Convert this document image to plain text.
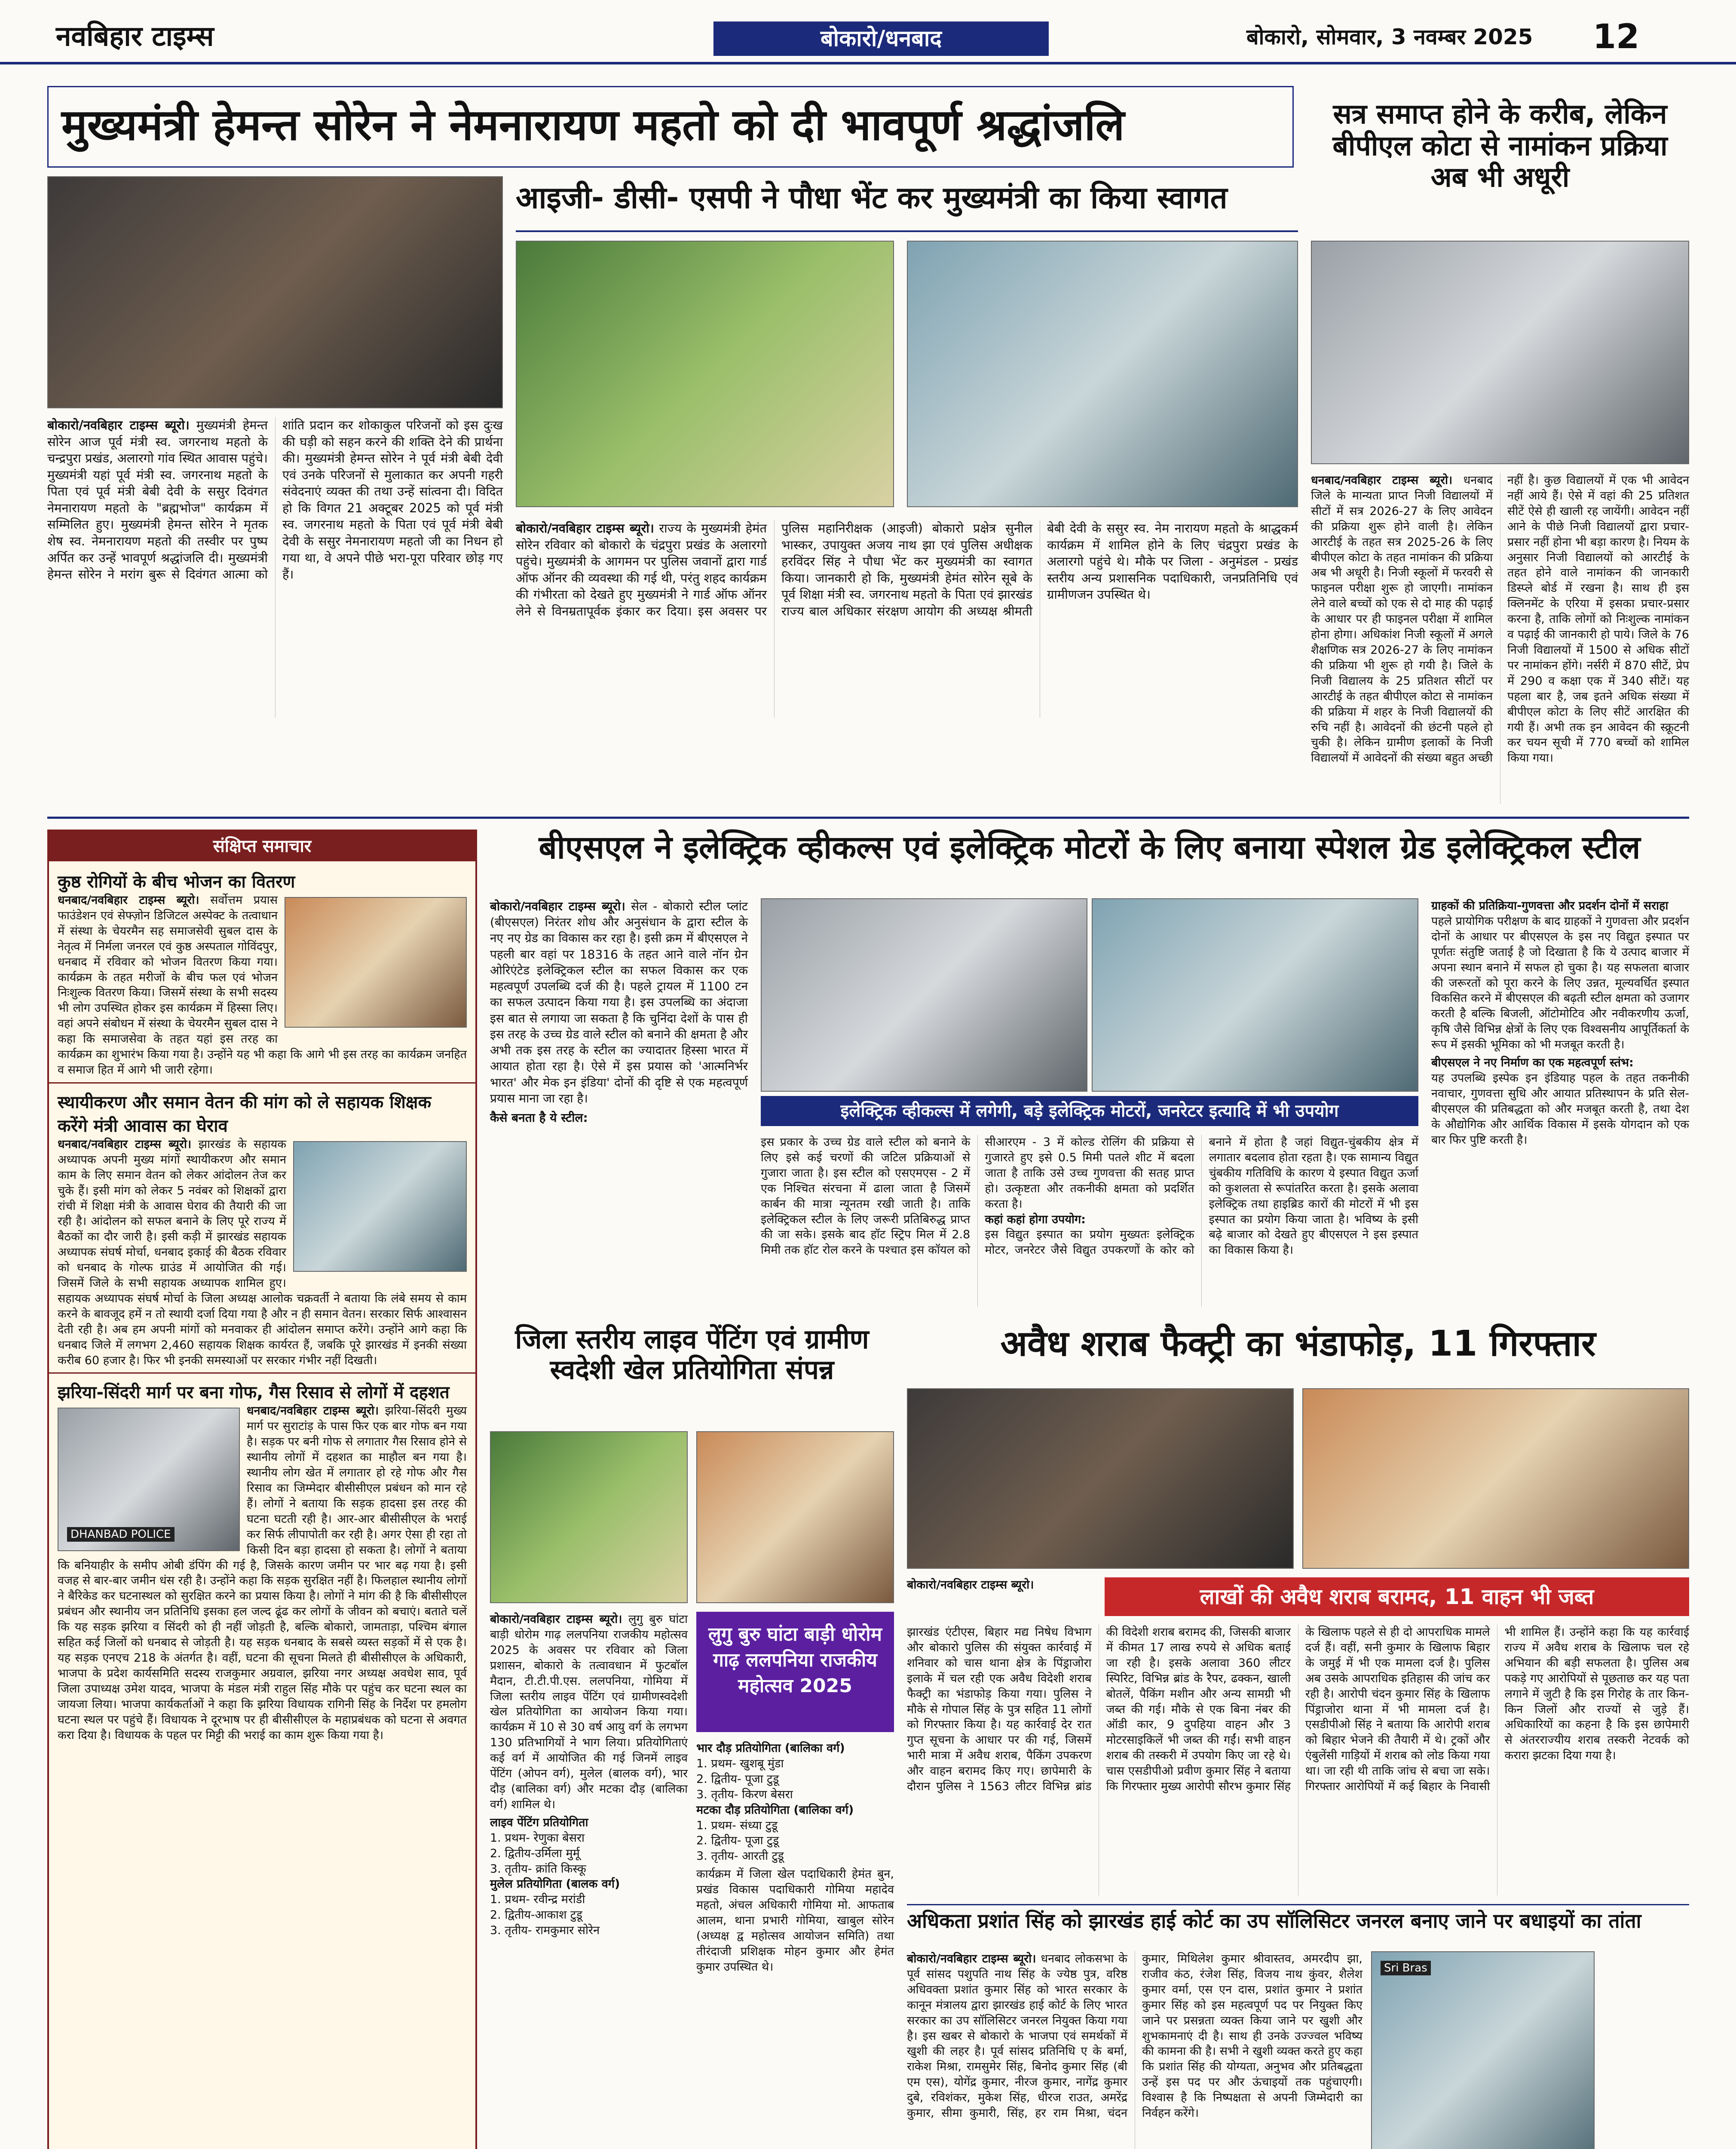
नवबिहार टाइम्स	बोकारो/धनबाद	बोकारो, सोमवार, 3 नवम्बर 2025 12
मुख्यमंत्री हेमन्त सोरेन ने नेमनारायण महतो को दी भावपूर्ण श्रद्धांजलि
बोकारो/नवबिहार टाइम्स ब्यूरो। मुख्यमंत्री हेमन्त सोरेन आज पूर्व मंत्री स्व. जगरनाथ महतो के चन्द्रपुरा प्रखंड, अलारगो गांव स्थित आवास पहुंचे। मुख्यमंत्री यहां पूर्व मंत्री स्व. जगरनाथ महतो के पिता एवं पूर्व मंत्री बेबी देवी के ससुर दिवंगत नेमनारायण महतो के "ब्रह्मभोज" कार्यक्रम में सम्मिलित हुए। मुख्यमंत्री हेमन्त सोरेन ने मृतक शेष स्व. नेमनारायण महतो की तस्वीर पर पुष्प अर्पित कर उन्हें भावपूर्ण श्रद्धांजलि दी। मुख्यमंत्री हेमन्त सोरेन ने मरांग बुरू से दिवंगत आत्मा को शांति प्रदान कर शोकाकुल परिजनों को इस दुःख की घड़ी को सहन करने की शक्ति देने की प्रार्थना की। मुख्यमंत्री हेमन्त सोरेन ने पूर्व मंत्री बेबी देवी एवं उनके परिजनों से मुलाकात कर अपनी गहरी संवेदनाएं व्यक्त की तथा उन्हें सांत्वना दी। विदित हो कि विगत 21 अक्टूबर 2025 को पूर्व मंत्री स्व. जगरनाथ महतो के पिता एवं पूर्व मंत्री बेबी देवी के ससुर नेमनारायण महतो जी का निधन हो गया था, वे अपने पीछे भरा-पूरा परिवार छोड़ गए हैं।
आइजी- डीसी- एसपी ने पौधा भेंट कर मुख्यमंत्री का किया स्वागत
बोकारो/नवबिहार टाइम्स ब्यूरो। राज्य के मुख्यमंत्री हेमंत सोरेन रविवार को बोकारो के चंद्रपुरा प्रखंड के अलारगो पहुंचे। मुख्यमंत्री के आगमन पर पुलिस जवानों द्वारा गार्ड ऑफ ऑनर की व्यवस्था की गई थी, परंतु शहद कार्यक्रम की गंभीरता को देखते हुए मुख्यमंत्री ने गार्ड ऑफ ऑनर लेने से विनम्रतापूर्वक इंकार कर दिया। इस अवसर पर पुलिस महानिरीक्षक (आइजी) बोकारो प्रक्षेत्र सुनील भास्कर, उपायुक्त अजय नाथ झा एवं पुलिस अधीक्षक हरविंदर सिंह ने पौधा भेंट कर मुख्यमंत्री का स्वागत किया। जानकारी हो कि, मुख्यमंत्री हेमंत सोरेन सूबे के पूर्व शिक्षा मंत्री स्व. जगरनाथ महतो के पिता एवं झारखंड राज्य बाल अधिकार संरक्षण आयोग की अध्यक्ष श्रीमती बेबी देवी के ससुर स्व. नेम नारायण महतो के श्राद्धकर्म कार्यक्रम में शामिल होने के लिए चंद्रपुरा प्रखंड के अलारगो पहुंचे थे। मौके पर जिला - अनुमंडल - प्रखंड स्तरीय अन्य प्रशासनिक पदाधिकारी, जनप्रतिनिधि एवं ग्रामीणजन उपस्थित थे।
सत्र समाप्त होने के करीब, लेकिन बीपीएल कोटा से नामांकन प्रक्रिया अब भी अधूरी
धनबाद/नवबिहार टाइम्स ब्यूरो। धनबाद जिले के मान्यता प्राप्त निजी विद्यालयों में सीटों में सत्र 2026-27 के लिए आवेदन की प्रक्रिया शुरू होने वाली है। लेकिन आरटीई के तहत सत्र 2025-26 के लिए बीपीएल कोटा के तहत नामांकन की प्रक्रिया अब भी अधूरी है। निजी स्कूलों में फरवरी से फाइनल परीक्षा शुरू हो जाएगी। नामांकन लेने वाले बच्चों को एक से दो माह की पढ़ाई के आधार पर ही फाइनल परीक्षा में शामिल होना होगा। अधिकांश निजी स्कूलों में अगले शैक्षणिक सत्र 2026-27 के लिए नामांकन की प्रक्रिया भी शुरू हो गयी है। जिले के निजी विद्यालय के 25 प्रतिशत सीटों पर आरटीई के तहत बीपीएल कोटा से नामांकन की प्रक्रिया में शहर के निजी विद्यालयों की रुचि नहीं है। आवेदनों की छंटनी पहले हो चुकी है। लेकिन ग्रामीण इलाकों के निजी विद्यालयों में आवेदनों की संख्या बहुत अच्छी नहीं है। कुछ विद्यालयों में एक भी आवेदन नहीं आये हैं। ऐसे में वहां की 25 प्रतिशत सीटें ऐसे ही खाली रह जायेंगी। आवेदन नहीं आने के पीछे निजी विद्यालयों द्वारा प्रचार-प्रसार नहीं होना भी बड़ा कारण है। नियम के अनुसार निजी विद्यालयों को आरटीई के तहत होने वाले नामांकन की जानकारी डिस्प्ले बोर्ड में रखना है। साथ ही इस क्लिनमेंट के एरिया में इसका प्रचार-प्रसार करना है, ताकि लोगों को निःशुल्क नामांकन व पढ़ाई की जानकारी हो पाये। जिले के 76 निजी विद्यालयों में 1500 से अधिक सीटों पर नामांकन होंगे। नर्सरी में 870 सीटें, प्रेप में 290 व कक्षा एक में 340 सीटें। यह पहला बार है, जब इतने अधिक संख्या में बीपीएल कोटा के लिए सीटें आरक्षित की गयी हैं। अभी तक इन आवेदन की स्क्रूटनी कर चयन सूची में 770 बच्चों को शामिल किया गया।
संक्षिप्त समाचार
कुष्ठ रोगियों के बीच भोजन का वितरण
धनबाद/नवबिहार टाइम्स ब्यूरो। सर्वोत्तम प्रयास फाउंडेशन एवं सेफ्ज़ोन डिजिटल अस्पेक्ट के तत्वाधान में संस्था के चेयरमैन सह समाजसेवी सुबल दास के नेतृत्व में निर्मला जनरल एवं कुष्ठ अस्पताल गोविंदपुर, धनबाद में रविवार को भोजन वितरण किया गया। कार्यक्रम के तहत मरीजों के बीच फल एवं भोजन निःशुल्क वितरण किया। जिसमें संस्था के सभी सदस्य भी लोग उपस्थित होकर इस कार्यक्रम में हिस्सा लिए। वहां अपने संबोधन में संस्था के चेयरमैन सुबल दास ने कहा कि समाजसेवा के तहत यहां इस तरह का कार्यक्रम का शुभारंभ किया गया है। उन्होंने यह भी कहा कि आगे भी इस तरह का कार्यक्रम जनहित व समाज हित में आगे भी जारी रहेगा।
स्थायीकरण और समान वेतन की मांग को ले सहायक शिक्षक करेंगे मंत्री आवास का घेराव
धनबाद/नवबिहार टाइम्स ब्यूरो। झारखंड के सहायक अध्यापक अपनी मुख्य मांगों स्थायीकरण और समान काम के लिए समान वेतन को लेकर आंदोलन तेज कर चुके हैं। इसी मांग को लेकर 5 नवंबर को शिक्षकों द्वारा रांची में शिक्षा मंत्री के आवास घेराव की तैयारी की जा रही है। आंदोलन को सफल बनाने के लिए पूरे राज्य में बैठकों का दौर जारी है। इसी कड़ी में झारखंड सहायक अध्यापक संघर्ष मोर्चा, धनबाद इकाई की बैठक रविवार को धनबाद के गोल्फ ग्राउंड में आयोजित की गई। जिसमें जिले के सभी सहायक अध्यापक शामिल हुए। सहायक अध्यापक संघर्ष मोर्चा के जिला अध्यक्ष आलोक चक्रवर्ती ने बताया कि लंबे समय से काम करने के बावजूद हमें न तो स्थायी दर्जा दिया गया है और न ही समान वेतन। सरकार सिर्फ आश्वासन देती रही है। अब हम अपनी मांगों को मनवाकर ही आंदोलन समाप्त करेंगे। उन्होंने आगे कहा कि धनबाद जिले में लगभग 2,460 सहायक शिक्षक कार्यरत हैं, जबकि पूरे झारखंड में इनकी संख्या करीब 60 हजार है। फिर भी इनकी समस्याओं पर सरकार गंभीर नहीं दिखती।
झरिया-सिंदरी मार्ग पर बना गोफ, गैस रिसाव से लोगों में दहशत
DHANBAD POLICE
धनबाद/नवबिहार टाइम्स ब्यूरो। झरिया-सिंदरी मुख्य मार्ग पर सुराटांड़ के पास फिर एक बार गोफ बन गया है। सड़क पर बनी गोफ से लगातार गैस रिसाव होने से स्थानीय लोगों में दहशत का माहौल बन गया है। स्थानीय लोग खेत में लगातार हो रहे गोफ और गैस रिसाव का जिम्मेदार बीसीसीएल प्रबंधन को मान रहे हैं। लोगों ने बताया कि सड़क हादसा इस तरह की घटना घटती रही है। आर-आर बीसीसीएल के भराई कर सिर्फ लीपापोती कर रही है। अगर ऐसा ही रहा तो किसी दिन बड़ा हादसा हो सकता है। लोगों ने बताया कि बनियाहीर के समीप ओबी डंपिंग की गई है, जिसके कारण जमीन पर भार बढ़ गया है। इसी वजह से बार-बार जमीन धंस रही है। उन्होंने कहा कि सड़क सुरक्षित नहीं है। फिलहाल स्थानीय लोगों ने बैरिकेड कर घटनास्थल को सुरक्षित करने का प्रयास किया है। लोगों ने मांग की है कि बीसीसीएल प्रबंधन और स्थानीय जन प्रतिनिधि इसका हल जल्द ढूंढ कर लोगों के जीवन को बचाएं। बताते चलें कि यह सड़क झरिया व सिंदरी को ही नहीं जोड़ती है, बल्कि बोकारो, जामताड़ा, पश्चिम बंगाल सहित कई जिलों को धनबाद से जोड़ती है। यह सड़क धनबाद के सबसे व्यस्त सड़कों में से एक है। यह सड़क एनएच 218 के अंतर्गत है। वहीं, घटना की सूचना मिलते ही बीसीसीएल के अधिकारी, भाजपा के प्रदेश कार्यसमिति सदस्य राजकुमार अग्रवाल, झरिया नगर अध्यक्ष अवधेश साव, पूर्व जिला उपाध्यक्ष उमेश यादव, भाजपा के मंडल मंत्री राहुल सिंह मौके पर पहुंच कर घटना स्थल का जायजा लिया। भाजपा कार्यकर्ताओं ने कहा कि झरिया विधायक रागिनी सिंह के निर्देश पर हमलोग घटना स्थल पर पहुंचे हैं। विधायक ने दूरभाष पर ही बीसीसीएल के महाप्रबंधक को घटना से अवगत करा दिया है। विधायक के पहल पर मिट्टी की भराई का काम शुरू किया गया है।
बीएसएल ने इलेक्ट्रिक व्हीकल्स एवं इलेक्ट्रिक मोटरों के लिए बनाया स्पेशल ग्रेड इलेक्ट्रिकल स्टील
बोकारो/नवबिहार टाइम्स ब्यूरो। सेल - बोकारो स्टील प्लांट (बीएसएल) निरंतर शोध और अनुसंधान के द्वारा स्टील के नए नए ग्रेड का विकास कर रहा है। इसी क्रम में बीएसएल ने पहली बार वहां पर 18316 के तहत आने वाले नॉन ग्रेन ओरिएंटेड इलेक्ट्रिकल स्टील का सफल विकास कर एक महत्वपूर्ण उपलब्धि दर्ज की है। पहले ट्रायल में 1100 टन का सफल उत्पादन किया गया है। इस उपलब्धि का अंदाजा इस बात से लगाया जा सकता है कि चुनिंदा देशों के पास ही इस तरह के उच्च ग्रेड वाले स्टील को बनाने की क्षमता है और अभी तक इस तरह के स्टील का ज्यादातर हिस्सा भारत में आयात होता रहा है। ऐसे में इस प्रयास को 'आत्मनिर्भर भारत' और मेक इन इंडिया' दोनों की दृष्टि से एक महत्वपूर्ण प्रयास माना जा रहा है।
कैसे बनता है ये स्टील:	इलेक्ट्रिक व्हीकल्स में लगेगी, बड़े इलेक्ट्रिक मोटरों, जनरेटर इत्यादि में भी उपयोग
इस प्रकार के उच्च ग्रेड वाले स्टील को बनाने के लिए इसे कई चरणों की जटिल प्रक्रियाओं से गुजारा जाता है। इस स्टील को एसएमएस - 2 में एक निश्चित संरचना में ढाला जाता है जिसमें कार्बन की मात्रा न्यूनतम रखी जाती है। ताकि इलेक्ट्रिकल स्टील के लिए जरूरी प्रतिबिरुद्ध प्राप्त की जा सके। इसके बाद हॉट स्ट्रिप मिल में 2.8 मिमी तक हॉट रोल करने के पश्चात इस कॉयल को सीआरएम - 3 में कोल्ड रोलिंग की प्रक्रिया से गुजारते हुए इसे 0.5 मिमी पतले शीट में बदला जाता है ताकि उसे उच्च गुणवत्ता की सतह प्राप्त हो। उत्कृष्टता और तकनीकी क्षमता को प्रदर्शित करता है।
कहां कहां होगा उपयोग:
इस विद्युत इस्पात का प्रयोग मुख्यतः इलेक्ट्रिक मोटर, जनरेटर जैसे विद्युत उपकरणों के कोर को बनाने में होता है जहां विद्युत-चुंबकीय क्षेत्र में लगातार बदलाव होता रहता है। एक सामान्य विद्युत चुंबकीय गतिविधि के कारण ये इस्पात विद्युत ऊर्जा को कुशलता से रूपांतरित करता है। इसके अलावा इलेक्ट्रिक तथा हाइब्रिड कारों की मोटरों में भी इस इस्पात का प्रयोग किया जाता है। भविष्य के इसी बढ़े बाजार को देखते हुए बीएसएल ने इस इस्पात का विकास किया है।
ग्राहकों की प्रतिक्रिया-गुणवत्ता और प्रदर्शन दोनों में सराहा
पहले प्रायोगिक परीक्षण के बाद ग्राहकों ने गुणवत्ता और प्रदर्शन दोनों के आधार पर बीएसएल के इस नए विद्युत इस्पात पर पूर्णतः संतुष्टि जताई है जो दिखाता है कि ये उत्पाद बाजार में अपना स्थान बनाने में सफल हो चुका है। यह सफलता बाजार की जरूरतों को पूरा करने के लिए उन्नत, मूल्यवर्धित इस्पात विकसित करने में बीएसएल की बढ़ती स्टील क्षमता को उजागर करती है बल्कि बिजली, ऑटोमोटिव और नवीकरणीय ऊर्जा, कृषि जैसे विभिन्न क्षेत्रों के लिए एक विश्वसनीय आपूर्तिकर्ता के रूप में इसकी भूमिका को भी मजबूत करती है।
बीएसएल ने नए निर्माण का एक महत्वपूर्ण स्तंभ:
यह उपलब्धि इस्पेक इन इंडियाह पहल के तहत तकनीकी नवाचार, गुणवत्ता सुधि और आयात प्रतिस्थापन के प्रति सेल-बीएसएल की प्रतिबद्धता को और मजबूत करती है, तथा देश के औद्योगिक और आर्थिक विकास में इसके योगदान को एक बार फिर पुष्टि करती है।
जिला स्तरीय लाइव पेंटिंग एवं ग्रामीण स्वदेशी खेल प्रतियोगिता संपन्न
बोकारो/नवबिहार टाइम्स ब्यूरो। लुगु बुरु घांटा बाड़ी धोरोम गाढ़ ललपनिया राजकीय महोत्सव 2025 के अवसर पर रविवार को जिला प्रशासन, बोकारो के तत्वावधान में फुटबॉल मैदान, टी.टी.पी.एस. ललपनिया, गोमिया में जिला स्तरीय लाइव पेंटिंग एवं ग्रामीणस्वदेशी खेल प्रतियोगिता का आयोजन किया गया। कार्यक्रम में 10 से 30 वर्ष आयु वर्ग के लगभग 130 प्रतिभागियों ने भाग लिया। प्रतियोगिताएं कई वर्ग में आयोजित की गई जिनमें लाइव पेंटिंग (ओपन वर्ग), मुलेल (बालक वर्ग), भार दौड़ (बालिका वर्ग) और मटका दौड़ (बालिका वर्ग) शामिल थे।
लाइव पेंटिंग प्रतियोगिता
1. प्रथम- रेणुका बेसरा
2. द्वितीय-उर्मिला मुर्मू
3. तृतीय- क्रांति किस्कू
मुलेल प्रतियोगिता (बालक वर्ग)
1. प्रथम- रवीन्द्र मरांडी
2. द्वितीय-आकाश टुडू
3. तृतीय- रामकुमार सोरेन
लुगु बुरु घांटा बाड़ी धोरोम गाढ़ ललपनिया राजकीय महोत्सव 2025
भार दौड़ प्रतियोगिता (बालिका वर्ग)
1. प्रथम- खुशबू मुंडा
2. द्वितीय- पूजा टुडू
3. तृतीय- किरण बेसरा
मटका दौड़ प्रतियोगिता (बालिका वर्ग)
1. प्रथम- संध्या टुडू
2. द्वितीय- पूजा टुडू
3. तृतीय- आरती टुडू
कार्यक्रम में जिला खेल पदाधिकारी हेमंत बुन, प्रखंड विकास पदाधिकारी गोमिया महादेव महतो, अंचल अधिकारी गोमिया मो. आफताब आलम, थाना प्रभारी गोमिया, खाबुल सोरेन (अध्यक्ष द्व महोत्सव आयोजन समिति) तथा तीरंदाजी प्रशिक्षक मोहन कुमार और हेमंत कुमार उपस्थित थे।
अवैध शराब फैक्ट्री का भंडाफोड़, 11 गिरफ्तार
बोकारो/नवबिहार टाइम्स ब्यूरो।	लाखों की अवैध शराब बरामद, 11 वाहन भी जब्त
झारखंड एंटीएस, बिहार मद्य निषेध विभाग और बोकारो पुलिस की संयुक्त कार्रवाई में शनिवार को चास थाना क्षेत्र के पिंड्राजोरा इलाके में चल रही एक अवैध विदेशी शराब फैक्ट्री का भंडाफोड़ किया गया। पुलिस ने मौके से गोपाल सिंह के पुत्र सहित 11 लोगों को गिरफ्तार किया है। यह कार्रवाई देर रात गुप्त सूचना के आधार पर की गई, जिसमें भारी मात्रा में अवैध शराब, पैकिंग उपकरण और वाहन बरामद किए गए। छापेमारी के दौरान पुलिस ने 1563 लीटर विभिन्न ब्रांड की विदेशी शराब बरामद की, जिसकी बाजार में कीमत 17 लाख रुपये से अधिक बताई जा रही है। इसके अलावा 360 लीटर स्पिरिट, विभिन्न ब्रांड के रैपर, ढक्कन, खाली बोतलें, पैकिंग मशीन और अन्य सामग्री भी जब्त की गई। मौके से एक बिना नंबर की ऑडी कार, 9 दुपहिया वाहन और 3 मोटरसाइकिलें भी जब्त की गईं। सभी वाहन शराब की तस्करी में उपयोग किए जा रहे थे। चास एसडीपीओ प्रवीण कुमार सिंह ने बताया कि गिरफ्तार मुख्य आरोपी सौरभ कुमार सिंह के खिलाफ पहले से ही दो आपराधिक मामले दर्ज हैं। वहीं, सनी कुमार के खिलाफ बिहार के जमुई में भी एक मामला दर्ज है। पुलिस अब उसके आपराधिक इतिहास की जांच कर रही है। आरोपी चंदन कुमार सिंह के खिलाफ पिंड्राजोरा थाना में भी मामला दर्ज है। एसडीपीओ सिंह ने बताया कि आरोपी शराब को बिहार भेजने की तैयारी में थे। ट्रकों और एंबुलेंसी गाड़ियों में शराब को लोड किया गया था। जा रही थी ताकि जांच से बचा जा सके। गिरफ्तार आरोपियों में कई बिहार के निवासी भी शामिल हैं। उन्होंने कहा कि यह कार्रवाई राज्य में अवैध शराब के खिलाफ चल रहे अभियान की बड़ी सफलता है। पुलिस अब पकड़े गए आरोपियों से पूछताछ कर यह पता लगाने में जुटी है कि इस गिरोह के तार किन-किन जिलों और राज्यों से जुड़े हैं। अधिकारियों का कहना है कि इस छापेमारी से अंतरराज्यीय शराब तस्करी नेटवर्क को करारा झटका दिया गया है।
अधिकता प्रशांत सिंह को झारखंड हाई कोर्ट का उप सॉलिसिटर जनरल बनाए जाने पर बधाइयों का तांता
बोकारो/नवबिहार टाइम्स ब्यूरो। धनबाद लोकसभा के पूर्व सांसद पशुपति नाथ सिंह के ज्येष्ठ पुत्र, वरिष्ठ अधिवक्ता प्रशांत कुमार सिंह को भारत सरकार के कानून मंत्रालय द्वारा झारखंड हाई कोर्ट के लिए भारत सरकार का उप सॉलिसिटर जनरल नियुक्त किया गया है। इस खबर से बोकारो के भाजपा एवं समर्थकों में खुशी की लहर है। पूर्व सांसद प्रतिनिधि ए के बर्मा, राकेश मिश्रा, रामसुमेर सिंह, बिनोद कुमार सिंह (बी एम एस), योगेंद्र कुमार, नीरज कुमार, नागेंद्र कुमार दुबे, रविशंकर, मुकेश सिंह, धीरज राउत, अमरेंद्र कुमार, सीमा कुमारी, सिंह, हर राम मिश्रा, चंदन कुमार, मिथिलेश कुमार श्रीवास्तव, अमरदीप झा, राजीव कंठ, रंजेश सिंह, विजय नाथ कुंवर, शैलेश कुमार वर्मा, एस एन दास, प्रशांत कुमार ने प्रशांत कुमार सिंह को इस महत्वपूर्ण पद पर नियुक्त किए जाने पर प्रसन्नता व्यक्त किया जाने पर खुशी और शुभकामनाएं दी है। साथ ही उनके उज्ज्वल भविष्य की कामना की है। सभी ने खुशी व्यक्त करते हुए कहा कि प्रशांत सिंह की योग्यता, अनुभव और प्रतिबद्धता उन्हें इस पद पर और ऊंचाइयों तक पहुंचाएगी। विश्वास है कि निष्पक्षता से अपनी जिम्मेदारी का निर्वहन करेंगे।
Sri Bras
